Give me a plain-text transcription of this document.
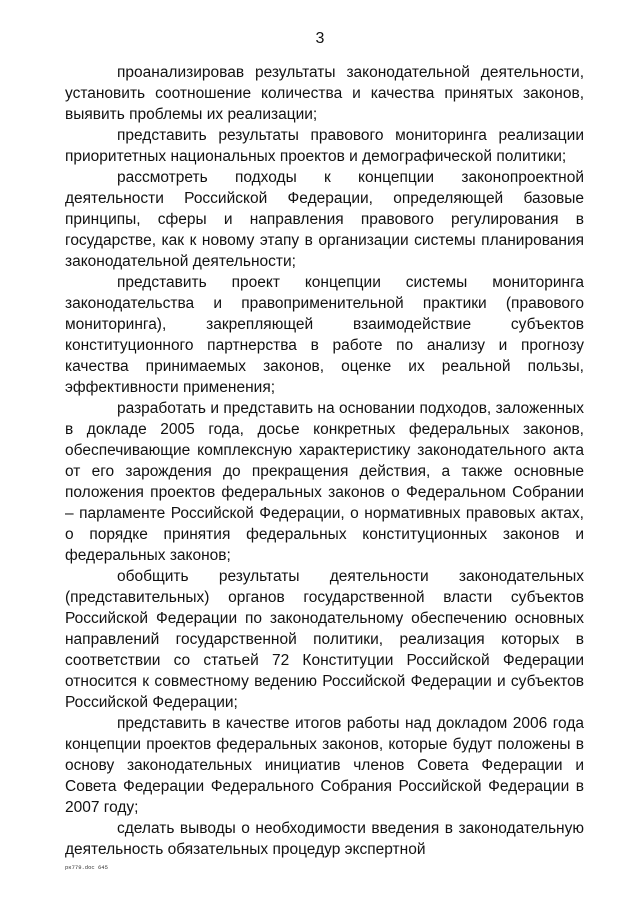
3

проанализировав результаты законодательной деятельности, установить соотношение количества и качества принятых законов, выявить проблемы их реализации;

представить результаты правового мониторинга реализации приоритетных национальных проектов и демографической политики;

рассмотреть подходы к концепции законопроектной деятельности Российской Федерации, определяющей базовые принципы, сферы и направления правового регулирования в государстве, как к новому этапу в организации системы планирования законодательной деятельности;

представить проект концепции системы мониторинга законодательства и правоприменительной практики (правового мониторинга), закрепляющей взаимодействие субъектов конституционного партнерства в работе по анализу и прогнозу качества принимаемых законов, оценке их реальной пользы, эффективности применения;

разработать и представить на основании подходов, заложенных в докладе 2005 года, досье конкретных федеральных законов, обеспечивающие комплексную характеристику законодательного акта от его зарождения до прекращения действия, а также основные положения проектов федеральных законов о Федеральном Собрании – парламенте Российской Федерации, о нормативных правовых актах, о порядке принятия федеральных конституционных законов и федеральных законов;

обобщить результаты деятельности законодательных (представительных) органов государственной власти субъектов Российской Федерации по законодательному обеспечению основных направлений государственной политики, реализация которых в соответствии со статьей 72 Конституции Российской Федерации относится к совместному ведению Российской Федерации и субъектов Российской Федерации;

представить в качестве итогов работы над докладом 2006 года концепции проектов федеральных законов, которые будут положены в основу законодательных инициатив членов Совета Федерации и Совета Федерации Федерального Собрания Российской Федерации в 2007 году;

сделать выводы о необходимости введения в законодательную деятельность обязательных процедур экспертной

рк779.doc 645
